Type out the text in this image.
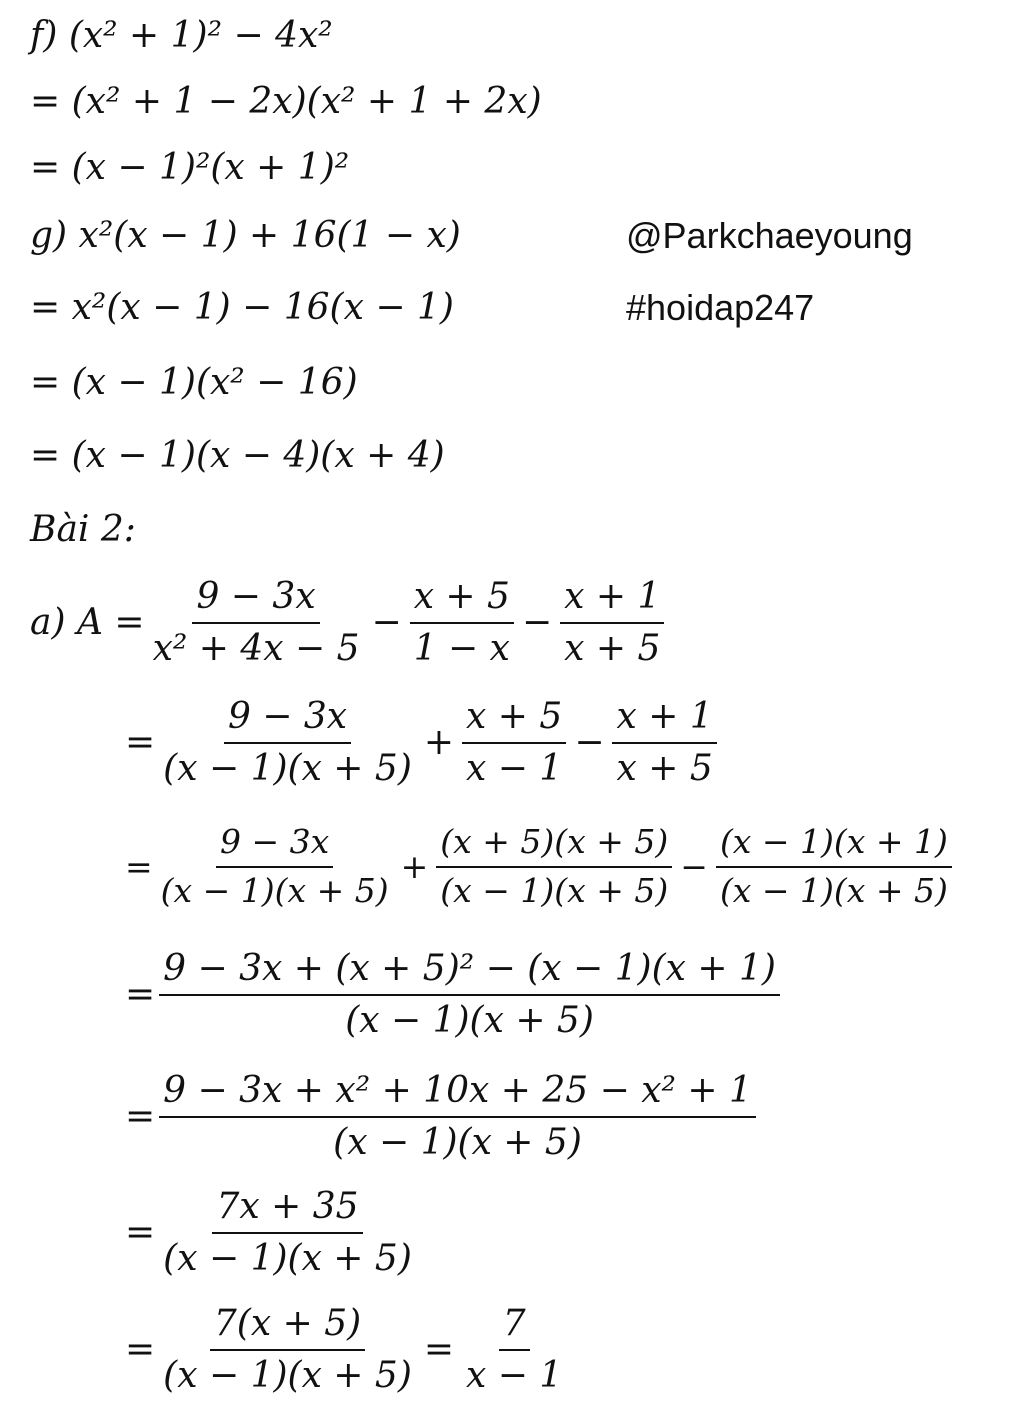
f) (x² + 1)² − 4x²
= (x² + 1 − 2x)(x² + 1 + 2x)
= (x − 1)²(x + 1)²
g) x²(x − 1) + 16(1 − x)
= x²(x − 1) − 16(x − 1)
= (x − 1)(x² − 16)
= (x − 1)(x − 4)(x + 4)
@Parkchaeyoung
#hoidap247
Bài 2:
a) $A = \frac{9 - 3x}{\text{x² + 4x − 5}} - \frac{x + 5}{1 - x} - \frac{x + 1}{x + 5}$
= $\frac{9 - 3x}{(x - 1)(x + 5)} + \frac{x + 5}{x - 1} - \frac{x + 1}{x + 5}$
= $\frac{9 - 3x}{(x - 1)(x + 5)} + \frac{(x + 5)(x + 5)}{(x - 1)(x + 5)} - \frac{(x - 1)(x + 1)}{(x - 1)(x + 5)}$
= $\frac{\text{9 − 3x + (x + 5)² − (x − 1)(x + 1)}}{(x - 1)(x + 5)}$
= $\frac{\text{9 − 3x + x² + 10x + 25 − x² + 1}}{(x - 1)(x + 5)}$
= $\frac{7x + 35}{(x - 1)(x + 5)}$
= $\frac{7(x + 5)}{(x - 1)(x + 5)} = \frac{7}{x - 1}$
